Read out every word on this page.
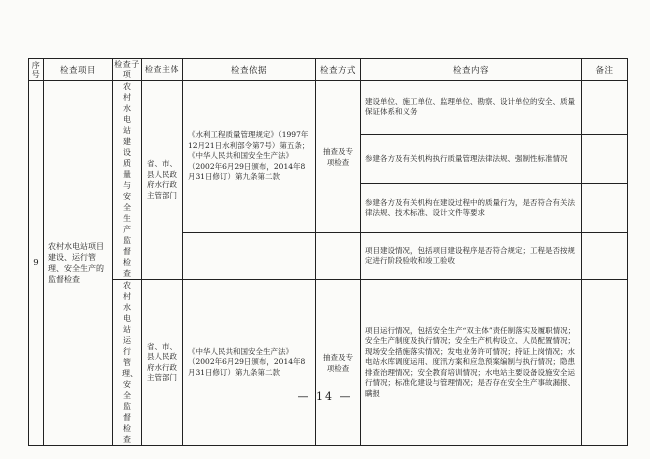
序号	检查项目	检查子项	检查主体	检查依据	检查方式	检查内容	备注
9	农村水电站项目建设、运行管理、安全生产的监督检查	农村水电站建设质量与安全生产监督检查	省、市、县人民政府水行政主管部门	《水利工程质量管理规定》（1997年12月21日水利部令第7号）第五条；《中华人民共和国安全生产法》（2002年6月29日颁布，2014年8月31日修订）第九条第二款	抽查及专项检查	建设单位、施工单位、监理单位、勘察、设计单位的安全、质量保证体系和义务	
						参建各方及有关机构执行质量管理法律法规、强制性标准情况	
						参建各方及有关机构在建设过程中的质量行为，是否符合有关法律法规、技术标准、设计文件等要求	
						项目建设情况，包括项目建设程序是否符合规定；工程是否按规定进行阶段验收和竣工验收	

		农村水电站运行管理、安全监督检查	省、市、县人民政府水行政主管部门	《中华人民共和国安全生产法》（2002年6月29日颁布，2014年8月31日修订）第九条第二款	抽查及专项检查	项目运行情况，包括安全生产“双主体”责任制落实及履职情况；安全生产制度及执行情况；安全生产机构设立、人员配置情况；现场安全措施落实情况；发电业务许可情况；持证上岗情况；水电站水库调度运用、度汛方案和应急预案编制与执行情况；隐患排查治理情况；安全教育培训情况；水电站主要设备设施安全运行情况；标准化建设与管理情况；是否存在安全生产事故漏报、瞒报	
— 14 —
